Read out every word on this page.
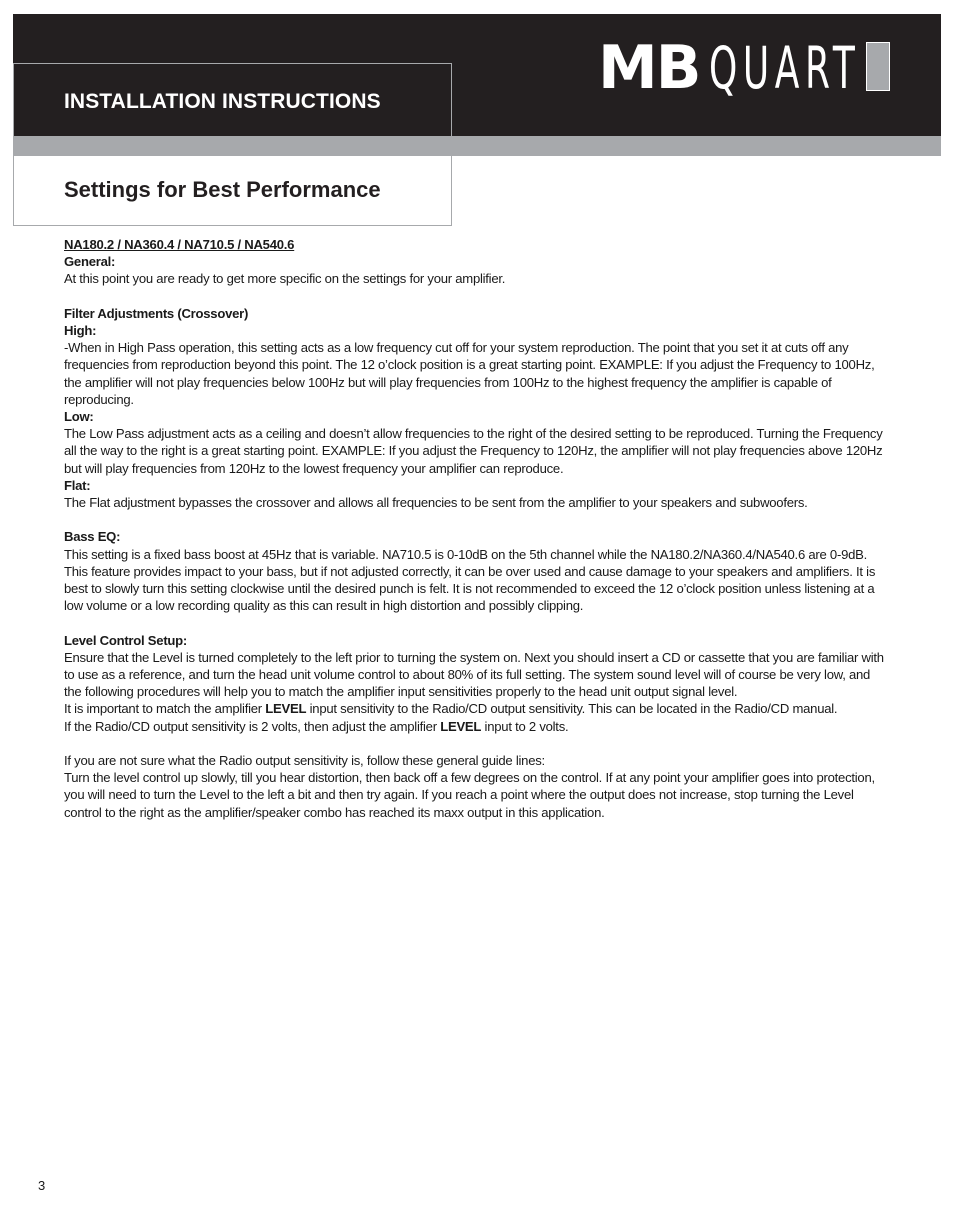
INSTALLATION INSTRUCTIONS	MB QUART
Settings for Best Performance

NA180.2 / NA360.4 / NA710.5 / NA540.6

General:

At this point you are ready to get more specific on the settings for your amplifier.

Filter Adjustments (Crossover)

High:

-When in High Pass operation, this setting acts as a low frequency cut off for your system reproduction. The point that you set it at cuts off any frequencies from reproduction beyond this point. The 12 o’clock position is a great starting point. EXAMPLE: If you adjust the Frequency to 100Hz, the amplifier will not play frequencies below 100Hz but will play frequencies from 100Hz to the highest frequency the amplifier is capable of reproducing.

Low:

The Low Pass adjustment acts as a ceiling and doesn’t allow frequencies to the right of the desired setting to be reproduced. Turning the Frequency all the way to the right is a great starting point. EXAMPLE: If you adjust the Frequency to 120Hz, the amplifier will not play frequencies above 120Hz but will play frequencies from 120Hz to the lowest frequency your amplifier can reproduce.

Flat:

The Flat adjustment bypasses the crossover and allows all frequencies to be sent from the amplifier to your speakers and subwoofers.

Bass EQ:

This setting is a fixed bass boost at 45Hz that is variable. NA710.5 is 0-10dB on the 5th channel while the NA180.2/NA360.4/NA540.6 are 0-9dB. This feature provides impact to your bass, but if not adjusted correctly, it can be over used and cause damage to your speakers and amplifiers. It is best to slowly turn this setting clockwise until the desired punch is felt. It is not recommended to exceed the 12 o’clock position unless listening at a low volume or a low recording quality as this can result in high distortion and possibly clipping.

Level Control Setup:

Ensure that the Level is turned completely to the left prior to turning the system on. Next you should insert a CD or cassette that you are familiar with to use as a reference, and turn the head unit volume control to about 80% of its full setting. The system sound level will of course be very low, and the following procedures will help you to match the amplifier input sensitivities properly to the head unit output signal level.

It is important to match the amplifier LEVEL input sensitivity to the Radio/CD output sensitivity. This can be located in the Radio/CD manual.

If the Radio/CD output sensitivity is 2 volts, then adjust the amplifier LEVEL input to 2 volts.

If you are not sure what the Radio output sensitivity is, follow these general guide lines:

Turn the level control up slowly, till you hear distortion, then back off a few degrees on the control. If at any point your amplifier goes into protection, you will need to turn the Level to the left a bit and then try again. If you reach a point where the output does not increase, stop turning the Level control to the right as the amplifier/speaker combo has reached its maxx output in this application.

3
